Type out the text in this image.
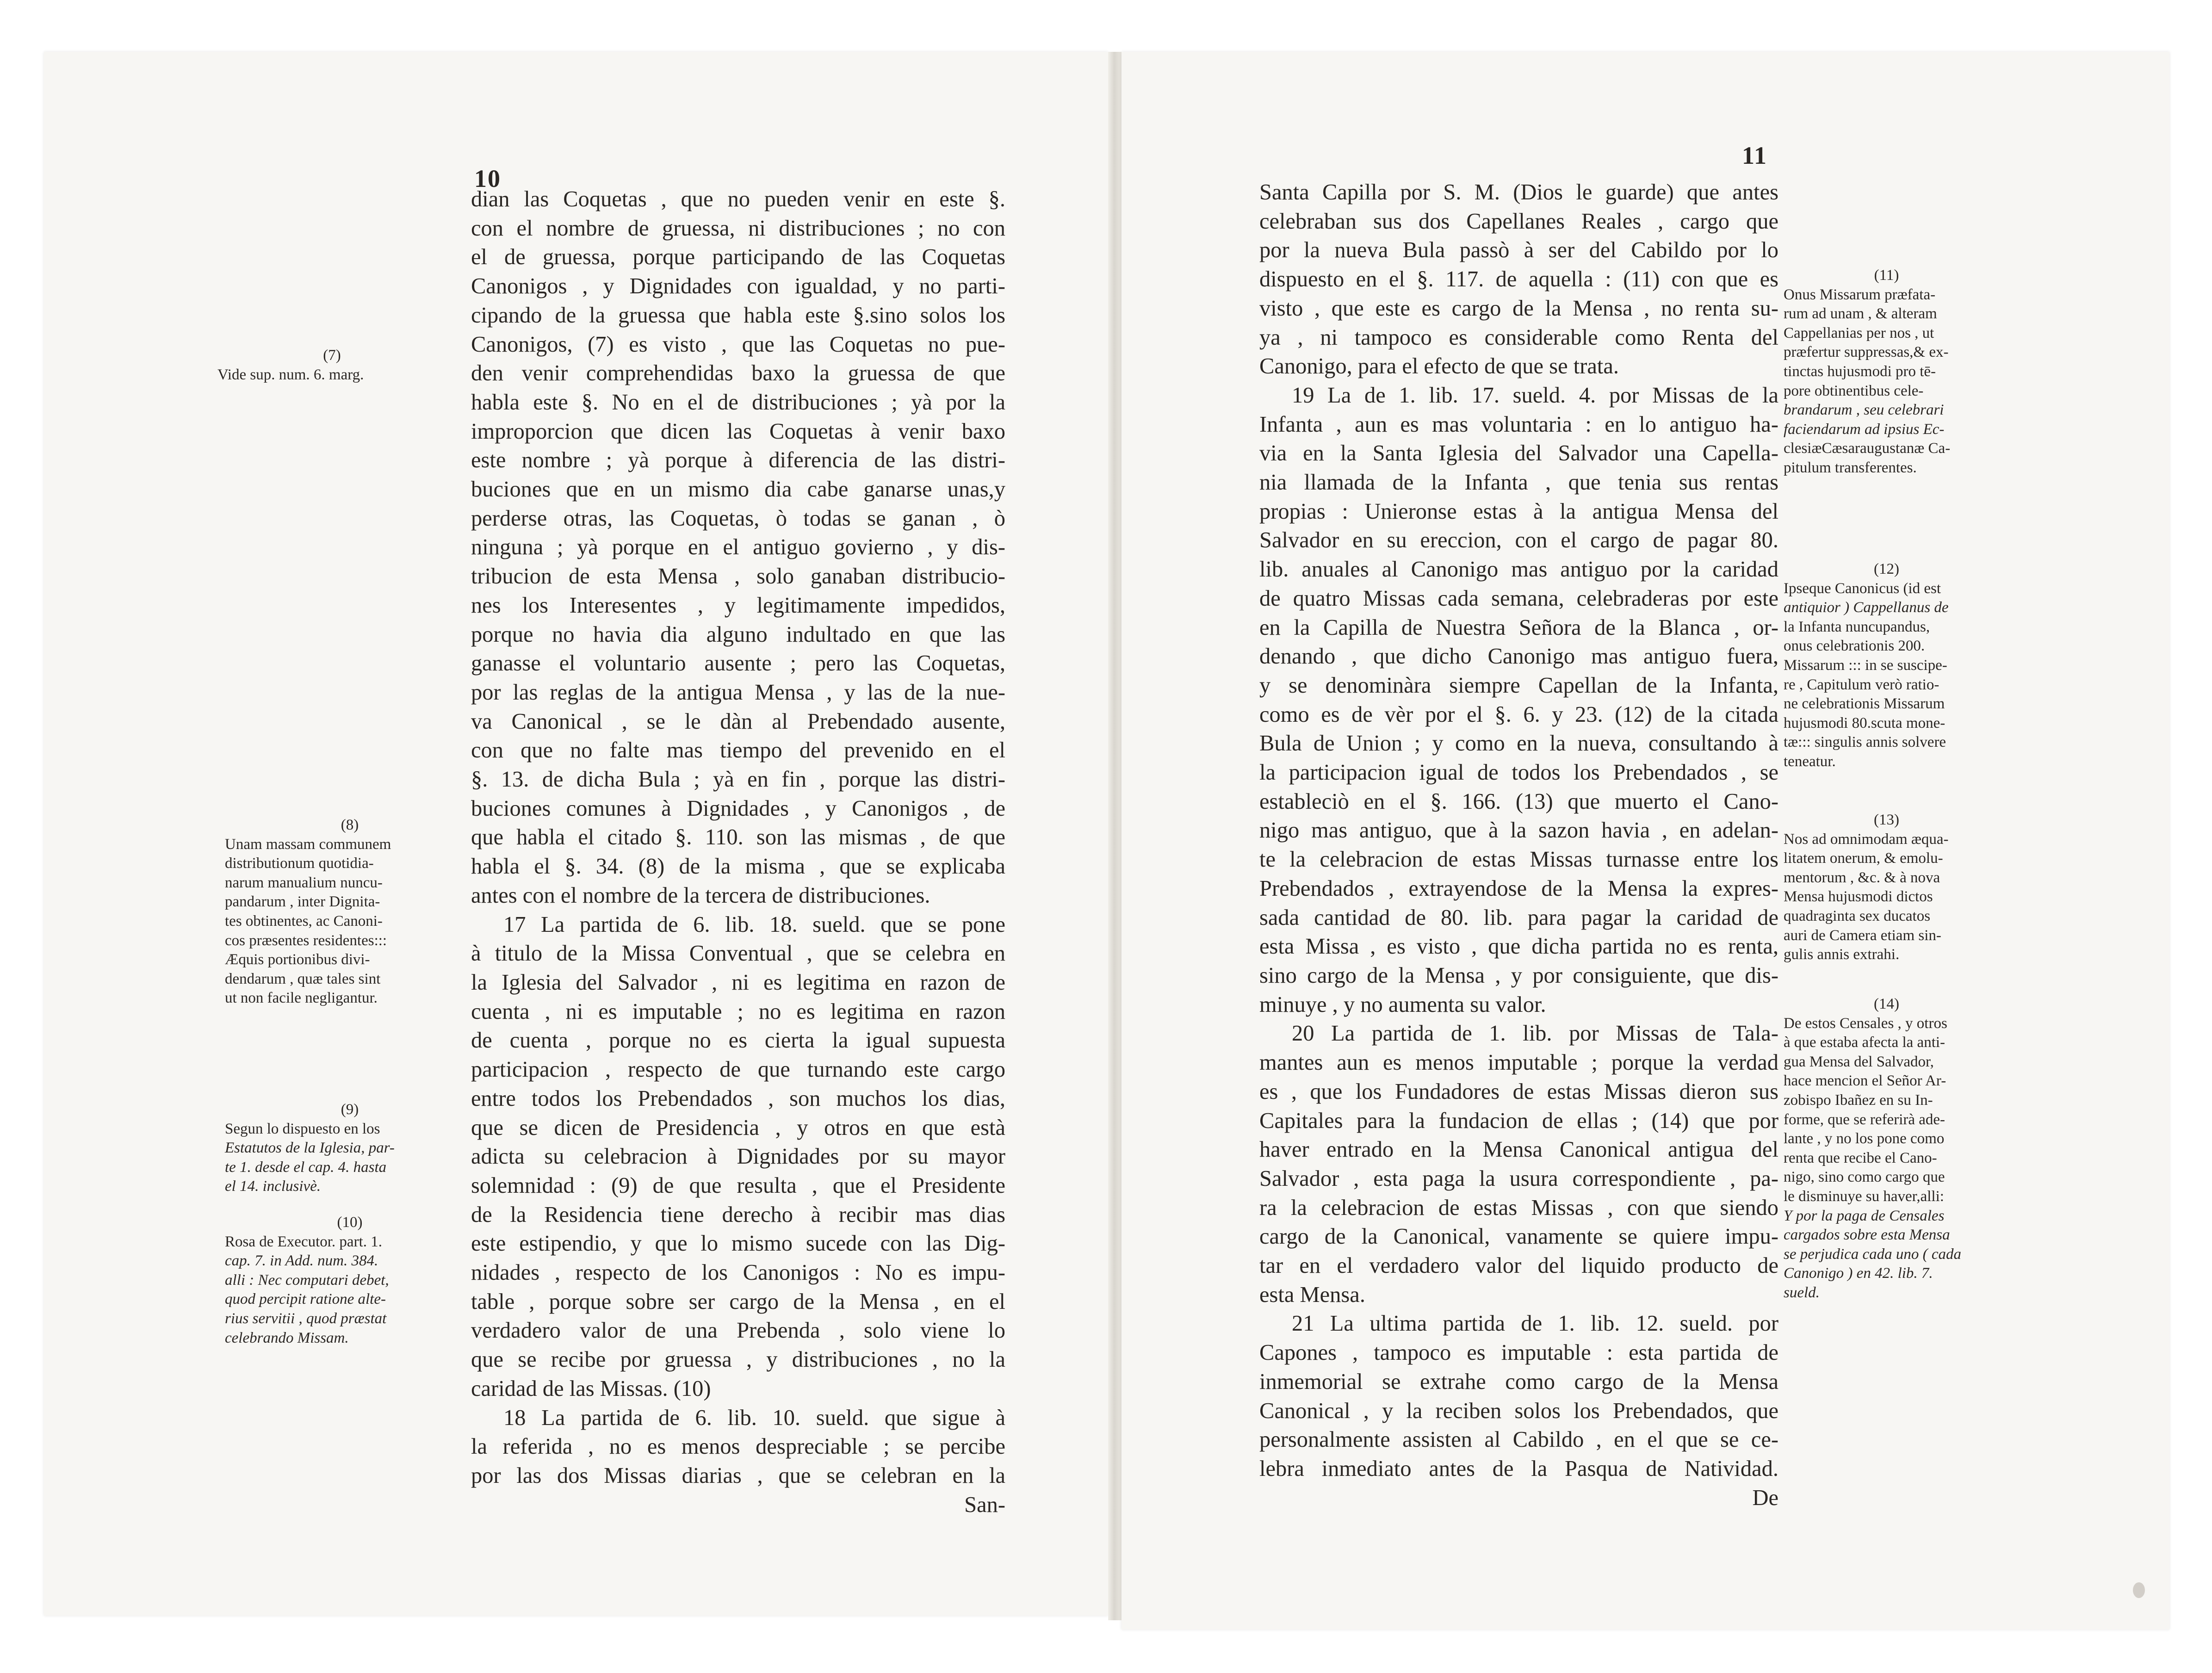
10
11
dian las Coquetas , que no pueden venir en este §.
con el nombre de gruessa, ni distribuciones ; no con
el de gruessa, porque participando de las Coquetas
Canonigos , y Dignidades con igualdad, y no parti-
cipando de la gruessa que habla este §.sino solos los
Canonigos, (7) es visto , que las Coquetas no pue-
den venir comprehendidas baxo la gruessa de que
habla este §. No en el de distribuciones ; yà por la
improporcion que dicen las Coquetas à venir baxo
este nombre ; yà porque à diferencia de las distri-
buciones que en un mismo dia cabe ganarse unas,y
perderse otras, las Coquetas, ò todas se ganan , ò
ninguna ; yà porque en el antiguo govierno , y dis-
tribucion de esta Mensa , solo ganaban distribucio-
nes los Interesentes , y legitimamente impedidos,
porque no havia dia alguno indultado en que las
ganasse el voluntario ausente ; pero las Coquetas,
por las reglas de la antigua Mensa , y las de la nue-
va Canonical , se le dàn al Prebendado ausente,
con que no falte mas tiempo del prevenido en el
§. 13. de dicha Bula ; yà en fin , porque las distri-
buciones comunes à Dignidades , y Canonigos , de
que habla el citado §. 110. son las mismas , de que
habla el §. 34. (8) de la misma , que se explicaba
antes con el nombre de la tercera de distribuciones.
17 La partida de 6. lib. 18. sueld. que se pone
à titulo de la Missa Conventual , que se celebra en
la Iglesia del Salvador , ni es legitima en razon de
cuenta , ni es imputable ; no es legitima en razon
de cuenta , porque no es cierta la igual supuesta
participacion , respecto de que turnando este cargo
entre todos los Prebendados , son muchos los dias,
que se dicen de Presidencia , y otros en que està
adicta su celebracion à Dignidades por su mayor
solemnidad : (9) de que resulta , que el Presidente
de la Residencia tiene derecho à recibir mas dias
este estipendio, y que lo mismo sucede con las Dig-
nidades , respecto de los Canonigos : No es impu-
table , porque sobre ser cargo de la Mensa , en el
verdadero valor de una Prebenda , solo viene lo
que se recibe por gruessa , y distribuciones , no la
caridad de las Missas. (10)
18 La partida de 6. lib. 10. sueld. que sigue à
la referida , no es menos despreciable ; se percibe
por las dos Missas diarias , que se celebran en la
San-
Santa Capilla por S. M. (Dios le guarde) que antes
celebraban sus dos Capellanes Reales , cargo que
por la nueva Bula passò à ser del Cabildo por lo
dispuesto en el §. 117. de aquella : (11) con que es
visto , que este es cargo de la Mensa , no renta su-
ya , ni tampoco es considerable como Renta del
Canonigo, para el efecto de que se trata.
19 La de 1. lib. 17. sueld. 4. por Missas de la
Infanta , aun es mas voluntaria : en lo antiguo ha-
via en la Santa Iglesia del Salvador una Capella-
nia llamada de la Infanta , que tenia sus rentas
propias : Unieronse estas à la antigua Mensa del
Salvador en su ereccion, con el cargo de pagar 80.
lib. anuales al Canonigo mas antiguo por la caridad
de quatro Missas cada semana, celebraderas por este
en la Capilla de Nuestra Señora de la Blanca , or-
denando , que dicho Canonigo mas antiguo fuera,
y se denominàra siempre Capellan de la Infanta,
como es de vèr por el §. 6. y 23. (12) de la citada
Bula de Union ; y como en la nueva, consultando à
la participacion igual de todos los Prebendados , se
estableciò en el §. 166. (13) que muerto el Cano-
nigo mas antiguo, que à la sazon havia , en adelan-
te la celebracion de estas Missas turnasse entre los
Prebendados , extrayendose de la Mensa la expres-
sada cantidad de 80. lib. para pagar la caridad de
esta Missa , es visto , que dicha partida no es renta,
sino cargo de la Mensa , y por consiguiente, que dis-
minuye , y no aumenta su valor.
20 La partida de 1. lib. por Missas de Tala-
mantes aun es menos imputable ; porque la verdad
es , que los Fundadores de estas Missas dieron sus
Capitales para la fundacion de ellas ; (14) que por
haver entrado en la Mensa Canonical antigua del
Salvador , esta paga la usura correspondiente , pa-
ra la celebracion de estas Missas , con que siendo
cargo de la Canonical, vanamente se quiere impu-
tar en el verdadero valor del liquido producto de
esta Mensa.
21 La ultima partida de 1. lib. 12. sueld. por
Capones , tampoco es imputable : esta partida de
inmemorial se extrahe como cargo de la Mensa
Canonical , y la reciben solos los Prebendados, que
personalmente assisten al Cabildo , en el que se ce-
lebra inmediato antes de la Pasqua de Natividad.
De
(7)
Vide sup. num. 6. marg.
(8)
Unam massam communem
distributionum quotidia-
narum manualium nuncu-
pandarum , inter Dignita-
tes obtinentes, ac Canoni-
cos præsentes residentes:::
Æquis portionibus divi-
dendarum , quæ tales sint
ut non facile negligantur.
(9)
Segun lo dispuesto en los
Estatutos de la Iglesia, par-
te 1. desde el cap. 4. hasta
el 14. inclusivè.
(10)
Rosa de Executor. part. 1.
cap. 7. in Add. num. 384.
alli : Nec computari debet,
quod percipit ratione alte-
rius servitii , quod præstat
celebrando Missam.
(11)
Onus Missarum præfata-
rum ad unam , & alteram
Cappellanias per nos , ut
præfertur suppressas,& ex-
tinctas hujusmodi pro tē-
pore obtinentibus cele-
brandarum , seu celebrari
faciendarum ad ipsius Ec-
clesiæCæsaraugustanæ Ca-
pitulum transferentes.
(12)
Ipseque Canonicus (id est
antiquior ) Cappellanus de
la Infanta nuncupandus,
onus celebrationis 200.
Missarum ::: in se suscipe-
re , Capitulum verò ratio-
ne celebrationis Missarum
hujusmodi 80.scuta mone-
tæ::: singulis annis solvere
teneatur.
(13)
Nos ad omnimodam æqua-
litatem onerum, & emolu-
mentorum , &c. & à nova
Mensa hujusmodi dictos
quadraginta sex ducatos
auri de Camera etiam sin-
gulis annis extrahi.
(14)
De estos Censales , y otros
à que estaba afecta la anti-
gua Mensa del Salvador,
hace mencion el Señor Ar-
zobispo Ibañez en su In-
forme, que se referirà ade-
lante , y no los pone como
renta que recibe el Cano-
nigo, sino como cargo que
le disminuye su haver,alli:
Y por la paga de Censales
cargados sobre esta Mensa
se perjudica cada uno ( cada
Canonigo ) en 42. lib. 7.
sueld.
